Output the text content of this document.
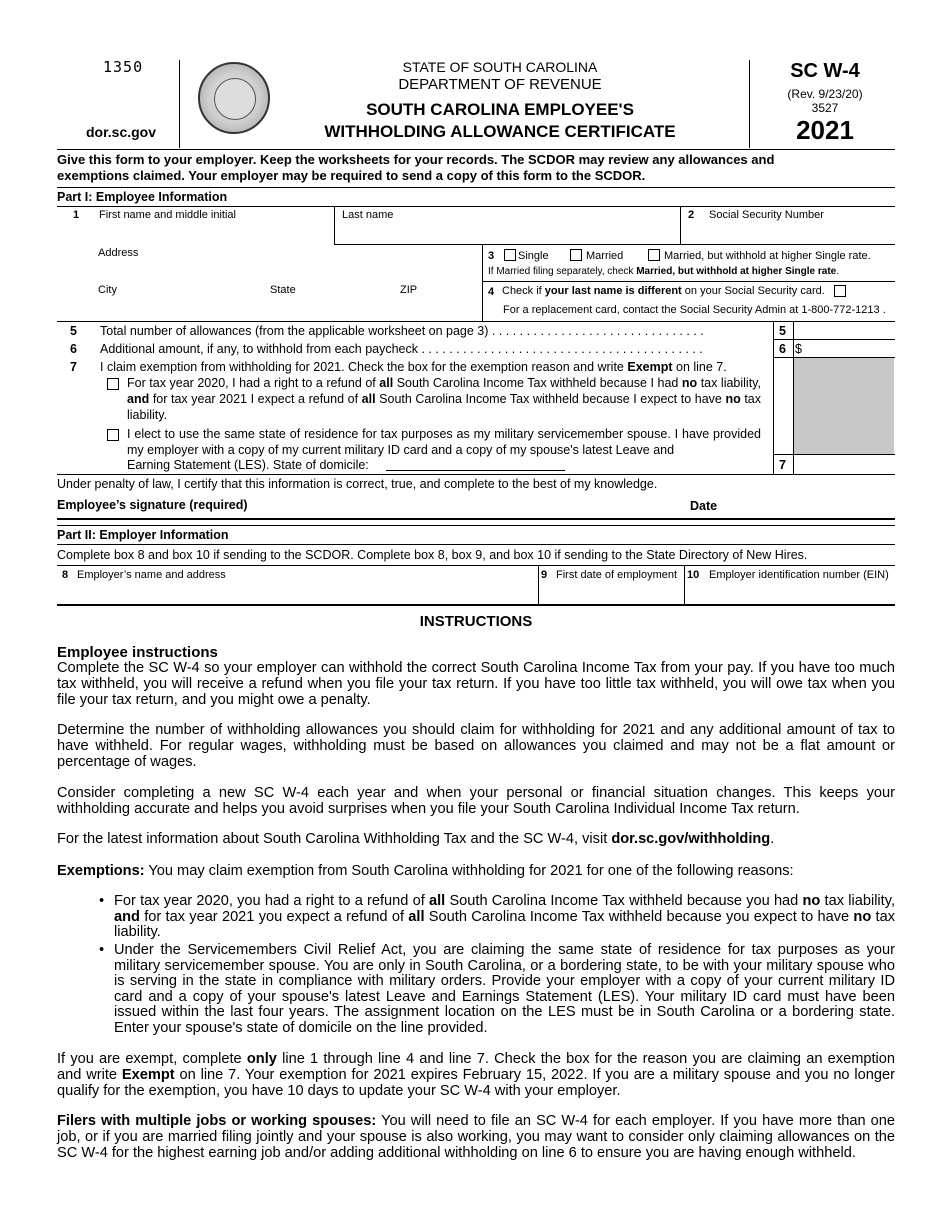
1350
dor.sc.gov
STATE OF SOUTH CAROLINA
DEPARTMENT OF REVENUE
SOUTH CAROLINA EMPLOYEE'S
WITHHOLDING ALLOWANCE CERTIFICATE
SC W-4
(Rev. 9/23/20)
3527
2021
Give this form to your employer. Keep the worksheets for your records. The SCDOR may review any allowances and
exemptions claimed. Your employer may be required to send a copy of this form to the SCDOR.
Part I: Employee Information
1 First name and middle initial	Last name	2 Social Security Number
Address	3 Single	Married	Married, but withhold at higher Single rate.
If Married filing separately, check Married, but withhold at higher Single rate.
City	State	ZIP	4 Check if your last name is different on your Social Security card.
For a replacement card, contact the Social Security Admin at 1-800-772-1213 .
5 Total number of allowances (from the applicable worksheet on page 3) . . . . . . . . . . . . . . . . . . . . . . . . . . . . . . .	5
6 Additional amount, if any, to withhold from each paycheck . . . . . . . . . . . . . . . . . . . . . . . . . . . . . . . . . . . . . . . . .	6 $
7 I claim exemption from withholding for 2021. Check the box for the exemption reason and write Exempt on line 7.
For tax year 2020, I had a right to a refund of all South Carolina Income Tax withheld because I had no tax liability, and for tax year 2021 I expect a refund of all South Carolina Income Tax withheld because I expect to have no tax liability.
I elect to use the same state of residence for tax purposes as my military servicemember spouse. I have provided my employer with a copy of my current military ID card and a copy of my spouse's latest Leave and
Earning Statement (LES). State of domicile:	7
Under penalty of law, I certify that this information is correct, true, and complete to the best of my knowledge.
Employee’s signature (required)	Date
Part II: Employer Information
Complete box 8 and box 10 if sending to the SCDOR. Complete box 8, box 9, and box 10 if sending to the State Directory of New Hires.
8 Employer’s name and address	9 First date of employment 10 Employer identification number (EIN)
INSTRUCTIONS
Employee instructions

Complete the SC W-4 so your employer can withhold the correct South Carolina Income Tax from your pay. If you have too much tax withheld, you will receive a refund when you file your tax return. If you have too little tax withheld, you will owe tax when you file your tax return, and you might owe a penalty.

Determine the number of withholding allowances you should claim for withholding for 2021 and any additional amount of tax to have withheld. For regular wages, withholding must be based on allowances you claimed and may not be a flat amount or percentage of wages.

Consider completing a new SC W-4 each year and when your personal or financial situation changes. This keeps your withholding accurate and helps you avoid surprises when you file your South Carolina Individual Income Tax return.

For the latest information about South Carolina Withholding Tax and the SC W-4, visit dor.sc.gov/withholding.

Exemptions: You may claim exemption from South Carolina withholding for 2021 for one of the following reasons:

• For tax year 2020, you had a right to a refund of all South Carolina Income Tax withheld because you had no tax liability, and for tax year 2021 you expect a refund of all South Carolina Income Tax withheld because you expect to have no tax liability.

• Under the Servicemembers Civil Relief Act, you are claiming the same state of residence for tax purposes as your military servicemember spouse. You are only in South Carolina, or a bordering state, to be with your military spouse who is serving in the state in compliance with military orders. Provide your employer with a copy of your current military ID card and a copy of your spouse's latest Leave and Earnings Statement (LES). Your military ID card must have been issued within the last four years. The assignment location on the LES must be in South Carolina or a bordering state. Enter your spouse's state of domicile on the line provided.

If you are exempt, complete only line 1 through line 4 and line 7. Check the box for the reason you are claiming an exemption and write Exempt on line 7. Your exemption for 2021 expires February 15, 2022. If you are a military spouse and you no longer qualify for the exemption, you have 10 days to update your SC W-4 with your employer.

Filers with multiple jobs or working spouses: You will need to file an SC W-4 for each employer. If you have more than one job, or if you are married filing jointly and your spouse is also working, you may want to consider only claiming allowances on the SC W-4 for the highest earning job and/or adding additional withholding on line 6 to ensure you are having enough withheld.
